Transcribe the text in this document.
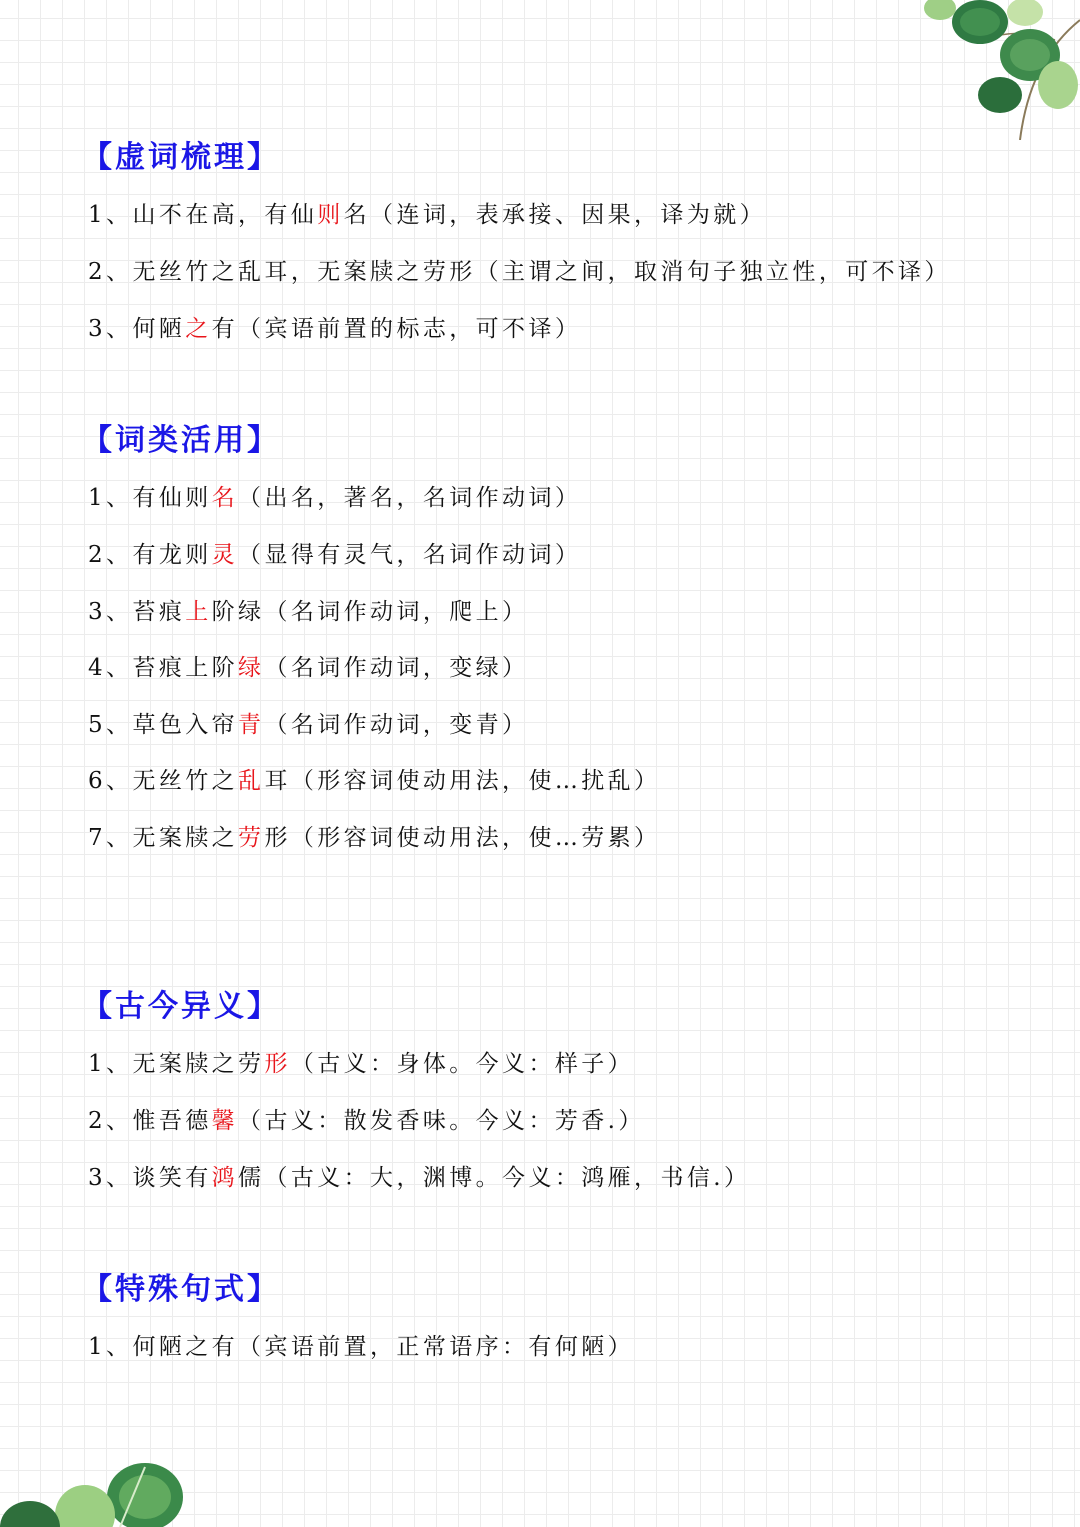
【虚词梳理】
1、山不在高，有仙则名（连词，表承接、因果，译为就）
2、无丝竹之乱耳，无案牍之劳形（主谓之间，取消句子独立性，可不译）
3、何陋之有（宾语前置的标志，可不译）
【词类活用】
1、有仙则名（出名，著名，名词作动词）
2、有龙则灵（显得有灵气，名词作动词）
3、苔痕上阶绿（名词作动词，爬上）
4、苔痕上阶绿（名词作动词，变绿）
5、草色入帘青（名词作动词，变青）
6、无丝竹之乱耳（形容词使动用法，使…扰乱）
7、无案牍之劳形（形容词使动用法，使…劳累）
【古今异义】
1、无案牍之劳形（古义：身体。今义：样子）
2、惟吾德馨（古义：散发香味。今义：芳香.）
3、谈笑有鸿儒（古义：大，渊博。今义：鸿雁，书信.）
【特殊句式】
1、何陋之有（宾语前置，正常语序：有何陋）
